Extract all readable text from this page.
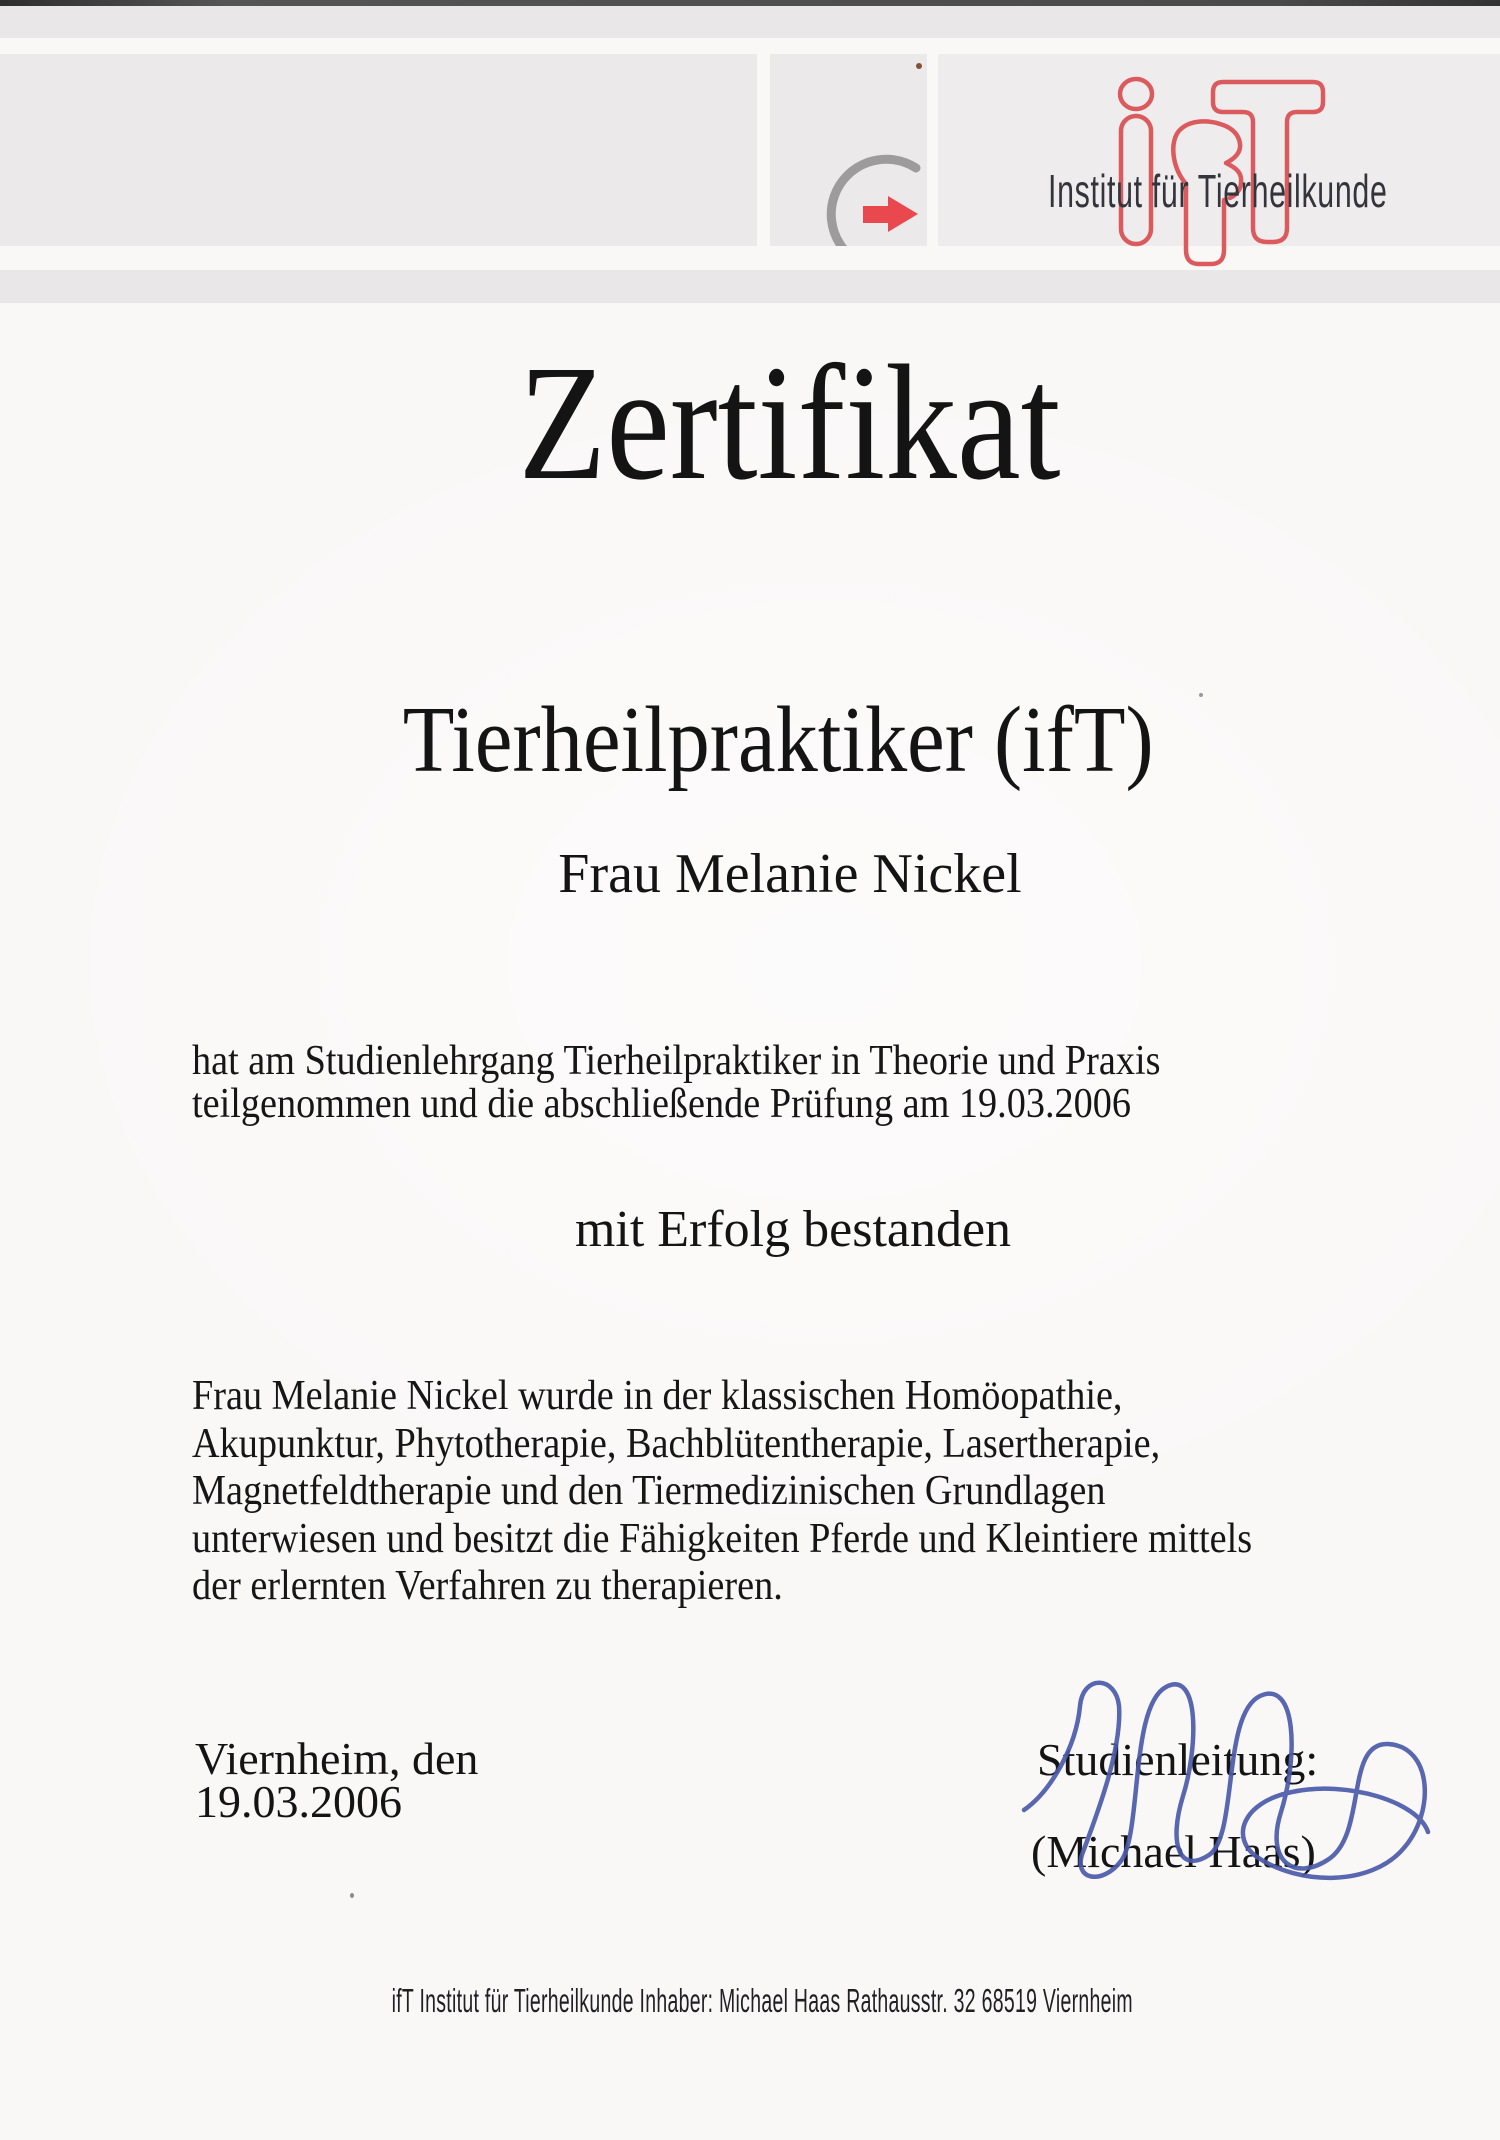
Institut für Tierheilkunde
Zertifikat
Tierheilpraktiker (ifT)
Frau Melanie Nickel
hat am Studienlehrgang Tierheilpraktiker in Theorie und Praxis
teilgenommen und die abschließende Prüfung am 19.03.2006
mit Erfolg bestanden
Frau Melanie Nickel wurde in der klassischen Homöopathie,
Akupunktur, Phytotherapie, Bachblütentherapie, Lasertherapie,
Magnetfeldtherapie und den Tiermedizinischen Grundlagen
unterwiesen und besitzt die Fähigkeiten Pferde und Kleintiere mittels
der erlernten Verfahren zu therapieren.
Viernheim, den
19.03.2006
Studienleitung:
(Michael Haas)
ifT Institut für Tierheilkunde Inhaber: Michael Haas Rathausstr. 32 68519 Viernheim
